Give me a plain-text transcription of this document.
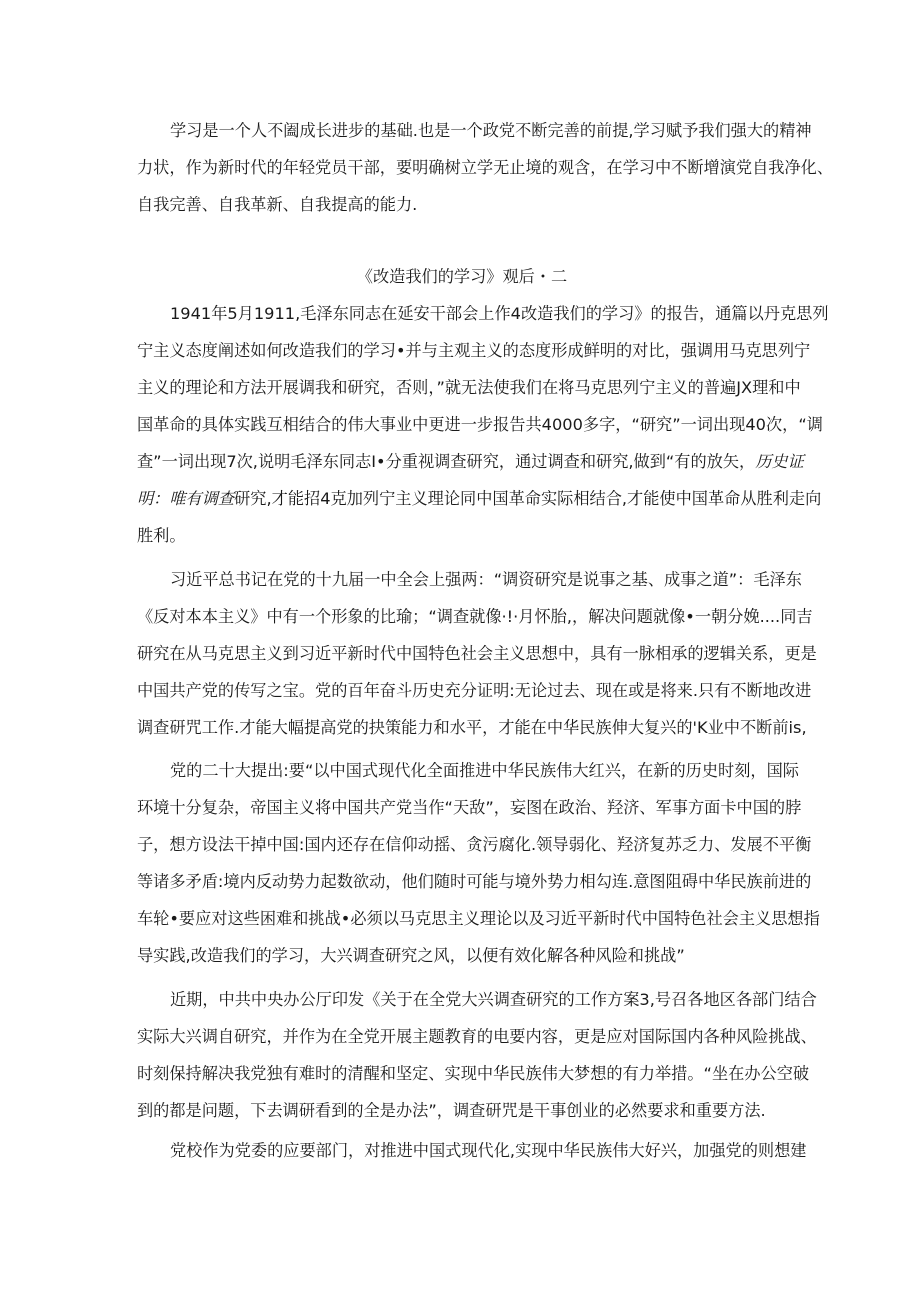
学习是一个人不阖成长进步的基础.也是一个政党不断完善的前提,学习赋予我们强大的精神

力状，作为新时代的年轻党员干部，要明确树立学无止境的观含，在学习中不断增演党自我净化、

自我完善、自我革新、自我提高的能力.

《改造我们的学习》观后・二

1941年5月1911,毛泽东同志在延安干部会上作4改造我们的学习》的报告，通篇以丹克思列

宁主义态度阐述如何改造我们的学习•并与主观主义的态度形成鲜明的对比，强调用马克思列宁

主义的理论和方法开展调我和研究，否则，”就无法使我们在将马克思列宁主义的普遍JX理和中

国革命的具体实践互相结合的伟大事业中更进一步报告共4000多字，“研究”一词出现40次，“调

查”一词出现7次,说明毛泽东同志I•分重视调查研究，通过调查和研究,做到“有的放矢，历史证

明：唯有调查研究,才能招4克加列宁主义理论同中国革命实际相结合,才能使中国革命从胜利走向

胜利。

习近平总书记在党的十九届一中全会上强两：“调资研究是说事之基、成事之道”：毛泽东

《反对本本主义》中有一个形象的比瑜；“调查就像·!·月怀胎,，解决问题就像•一朝分娩....同吉

研究在从马克思主义到习近平新时代中国特色社会主义思想中，具有一脉相承的逻辑关系，更是

中国共产党的传写之宝。党的百年奋斗历史充分证明:无论过去、现在或是将来.只有不断地改进

调查研咒工作.才能大幅提高党的抉策能力和水平，才能在中华民族伸大复兴的'K业中不断前is,

党的二十大提出:要“以中国式现代化全面推进中华民族伟大红兴，在新的历史时刻，国际

环境十分复杂，帝国主义将中国共产党当作“天敌”，妄图在政治、羟济、军事方面卡中国的脖

子，想方设法干掉中国:国内还存在信仰动摇、贪污腐化.领导弱化、羟济复苏乏力、发展不平衡

等诸多矛盾:境内反动势力起数欲动，他们随时可能与境外势力相勾连.意图阻碍中华民族前进的

车轮•要应对这些困难和挑战•必须以马克思主义理论以及习近平新时代中国特色社会主义思想指

导实践,改造我们的学习，大兴调查研究之风，以便有效化解各种风险和挑战”

近期，中共中央办公厅印发《关于在全党大兴调查研究的工作方案3,号召各地区各部门结合

实际大兴调自研究，并作为在全党开展主题教育的电要内容，更是应对国际国内各种风险挑战、

时刻保持解决我党独有难时的清醒和坚定、实现中华民族伟大梦想的有力举措。“坐在办公空破

到的都是问题，下去调研看到的全是办法”，调查研咒是干事创业的必然要求和重要方法.

党校作为党委的应要部门，对推进中国式现代化,实现中华民族伟大好兴，加强党的则想建
